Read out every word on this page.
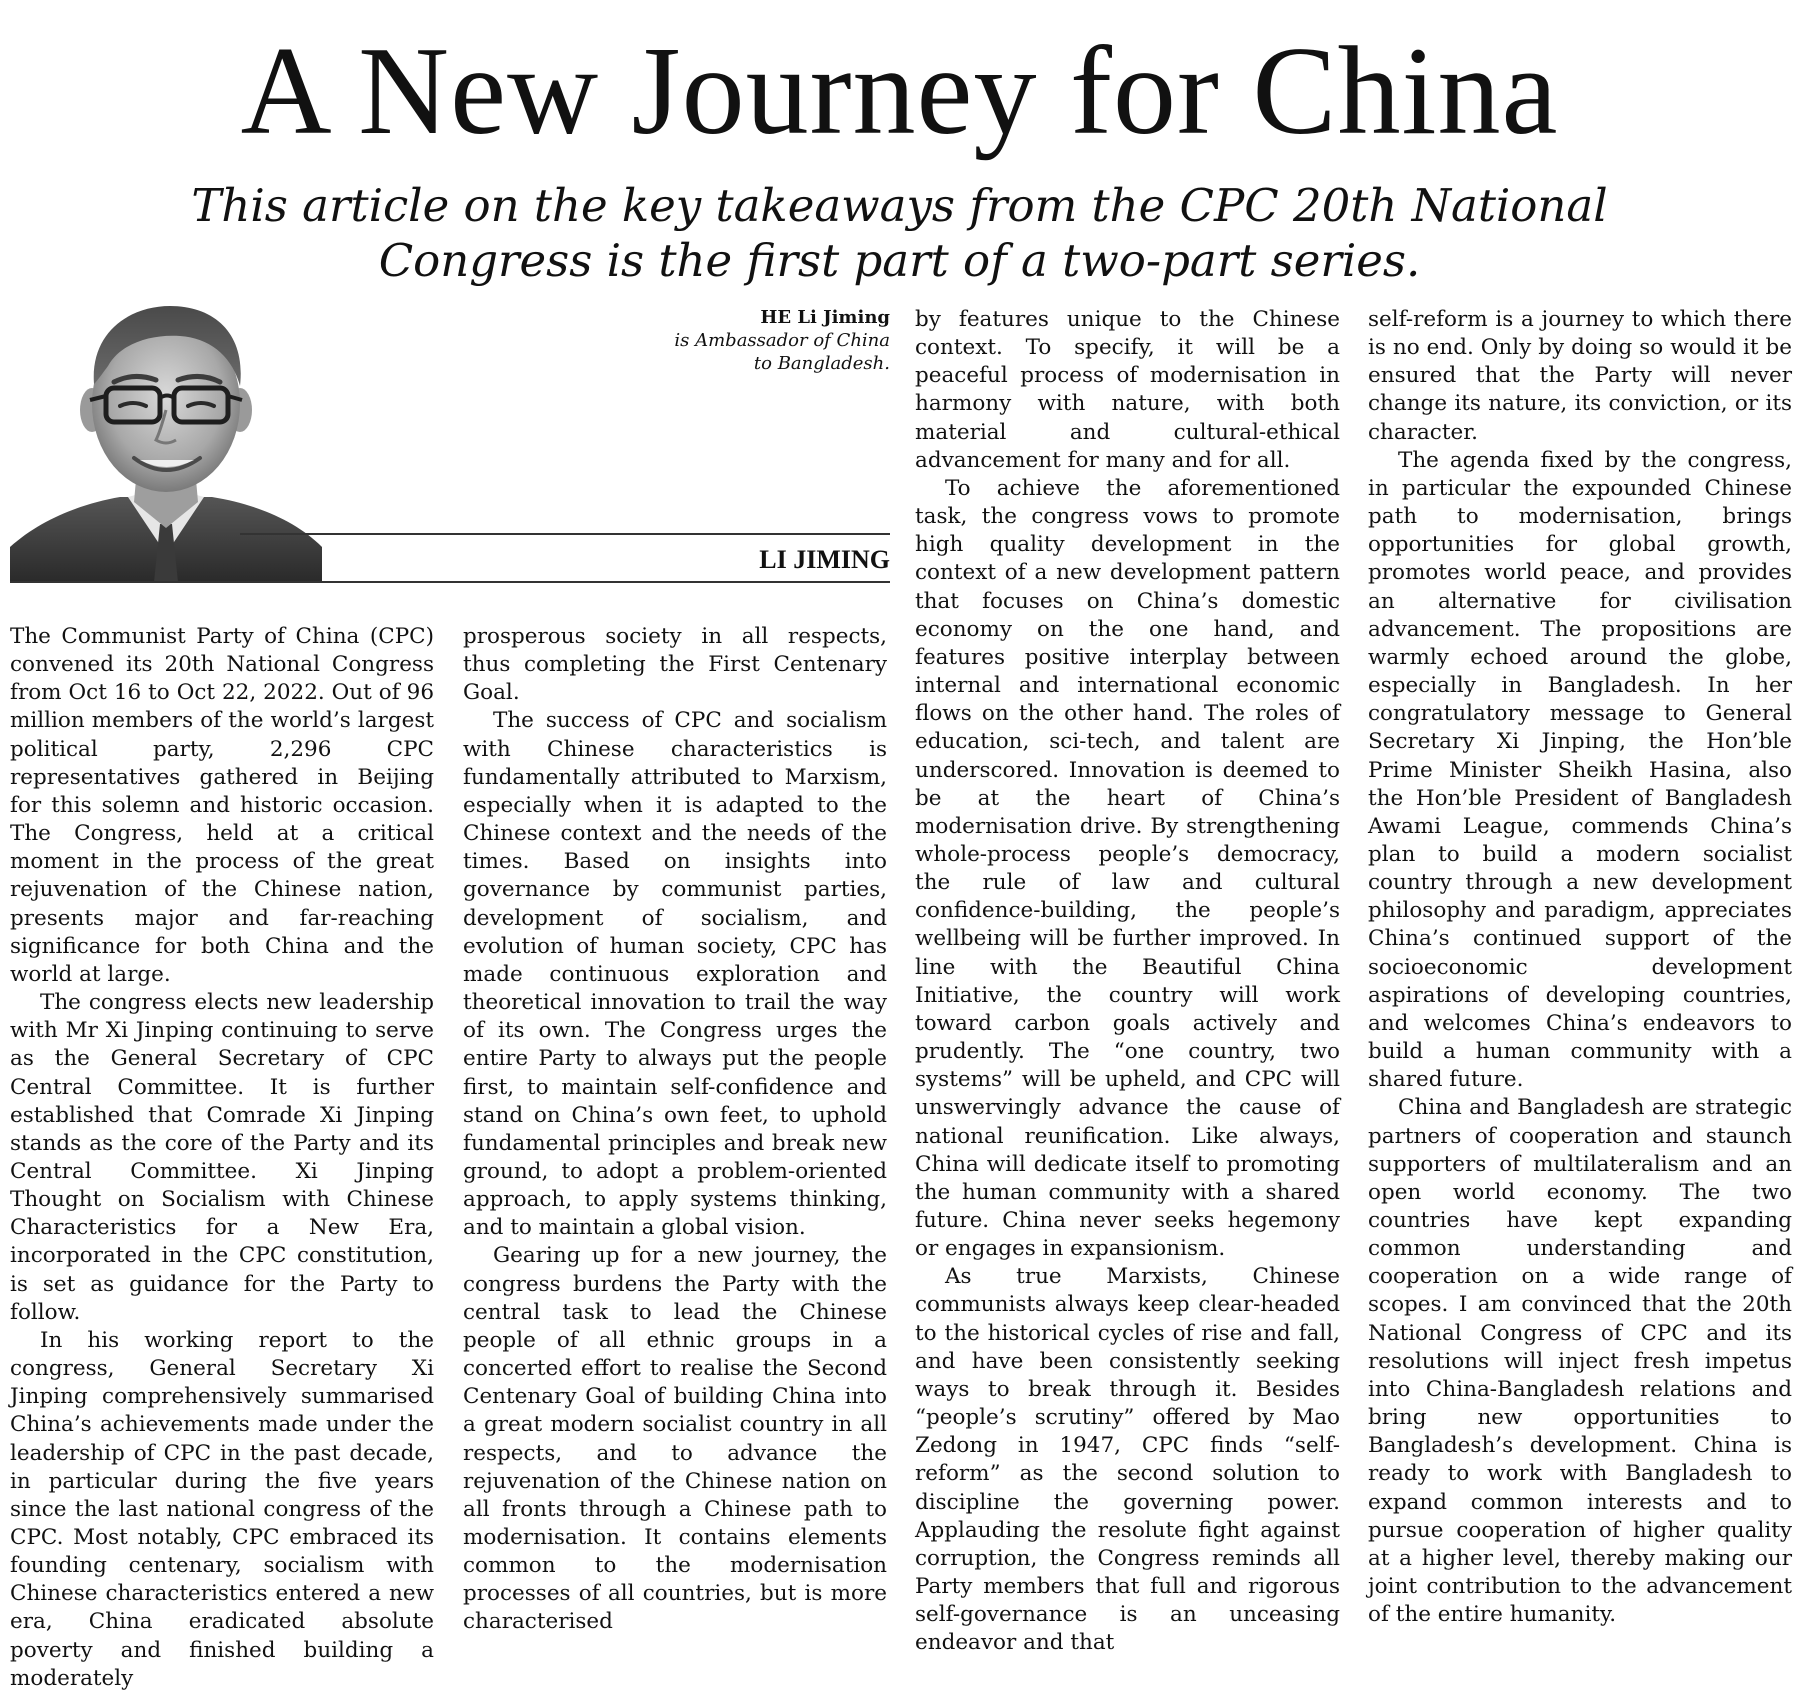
A New Journey for China

This article on the key takeaways from the CPC 20th National Congress is the first part of a two-part series.

HE Li Jiming
is Ambassador of China
to Bangladesh.
LI JIMING

The Communist Party of China (CPC) convened its 20th National Congress from Oct 16 to Oct 22, 2022. Out of 96 million members of the world’s largest political party, 2,296 CPC representatives gathered in Beijing for this solemn and historic occasion. The Congress, held at a critical moment in the process of the great rejuvenation of the Chinese nation, presents major and far-reaching significance for both China and the world at large.

The congress elects new leadership with Mr Xi Jinping continuing to serve as the General Secretary of CPC Central Committee. It is further established that Comrade Xi Jinping stands as the core of the Party and its Central Committee. Xi Jinping Thought on Socialism with Chinese Characteristics for a New Era, incorporated in the CPC constitution, is set as guidance for the Party to follow.

In his working report to the congress, General Secretary Xi Jinping comprehensively summarised China’s achievements made under the leadership of CPC in the past decade, in particular during the five years since the last national congress of the CPC. Most notably, CPC embraced its founding centenary, socialism with Chinese characteristics entered a new era, China eradicated absolute poverty and finished building a moderately

prosperous society in all respects, thus completing the First Centenary Goal.

The success of CPC and socialism with Chinese characteristics is fundamentally attributed to Marxism, especially when it is adapted to the Chinese context and the needs of the times. Based on insights into governance by communist parties, development of socialism, and evolution of human society, CPC has made continuous exploration and theoretical innovation to trail the way of its own. The Congress urges the entire Party to always put the people first, to maintain self-confidence and stand on China’s own feet, to uphold fundamental principles and break new ground, to adopt a problem-oriented approach, to apply systems thinking, and to maintain a global vision.

Gearing up for a new journey, the congress burdens the Party with the central task to lead the Chinese people of all ethnic groups in a concerted effort to realise the Second Centenary Goal of building China into a great modern socialist country in all respects, and to advance the rejuvenation of the Chinese nation on all fronts through a Chinese path to modernisation. It contains elements common to the modernisation processes of all countries, but is more characterised

by features unique to the Chinese context. To specify, it will be a peaceful process of modernisation in harmony with nature, with both material and cultural-ethical advancement for many and for all.

To achieve the aforementioned task, the congress vows to promote high quality development in the context of a new development pattern that focuses on China’s domestic economy on the one hand, and features positive interplay between internal and international economic flows on the other hand. The roles of education, sci-tech, and talent are underscored. Innovation is deemed to be at the heart of China’s modernisation drive. By strengthening whole-process people’s democracy, the rule of law and cultural confidence-building, the people’s wellbeing will be further improved. In line with the Beautiful China Initiative, the country will work toward carbon goals actively and prudently. The “one country, two systems” will be upheld, and CPC will unswervingly advance the cause of national reunification. Like always, China will dedicate itself to promoting the human community with a shared future. China never seeks hegemony or engages in expansionism.

As true Marxists, Chinese communists always keep clear-headed to the historical cycles of rise and fall, and have been consistently seeking ways to break through it. Besides “people’s scrutiny” offered by Mao Zedong in 1947, CPC finds “self-reform” as the second solution to discipline the governing power. Applauding the resolute fight against corruption, the Congress reminds all Party members that full and rigorous self-governance is an unceasing endeavor and that

self-reform is a journey to which there is no end. Only by doing so would it be ensured that the Party will never change its nature, its conviction, or its character.

The agenda fixed by the congress, in particular the expounded Chinese path to modernisation, brings opportunities for global growth, promotes world peace, and provides an alternative for civilisation advancement. The propositions are warmly echoed around the globe, especially in Bangladesh. In her congratulatory message to General Secretary Xi Jinping, the Hon’ble Prime Minister Sheikh Hasina, also the Hon’ble President of Bangladesh Awami League, commends China’s plan to build a modern socialist country through a new development philosophy and paradigm, appreciates China’s continued support of the socioeconomic development aspirations of developing countries, and welcomes China’s endeavors to build a human community with a shared future.

China and Bangladesh are strategic partners of cooperation and staunch supporters of multilateralism and an open world economy. The two countries have kept expanding common understanding and cooperation on a wide range of scopes. I am convinced that the 20th National Congress of CPC and its resolutions will inject fresh impetus into China-Bangladesh relations and bring new opportunities to Bangladesh’s development. China is ready to work with Bangladesh to expand common interests and to pursue cooperation of higher quality at a higher level, thereby making our joint contribution to the advancement of the entire humanity.
